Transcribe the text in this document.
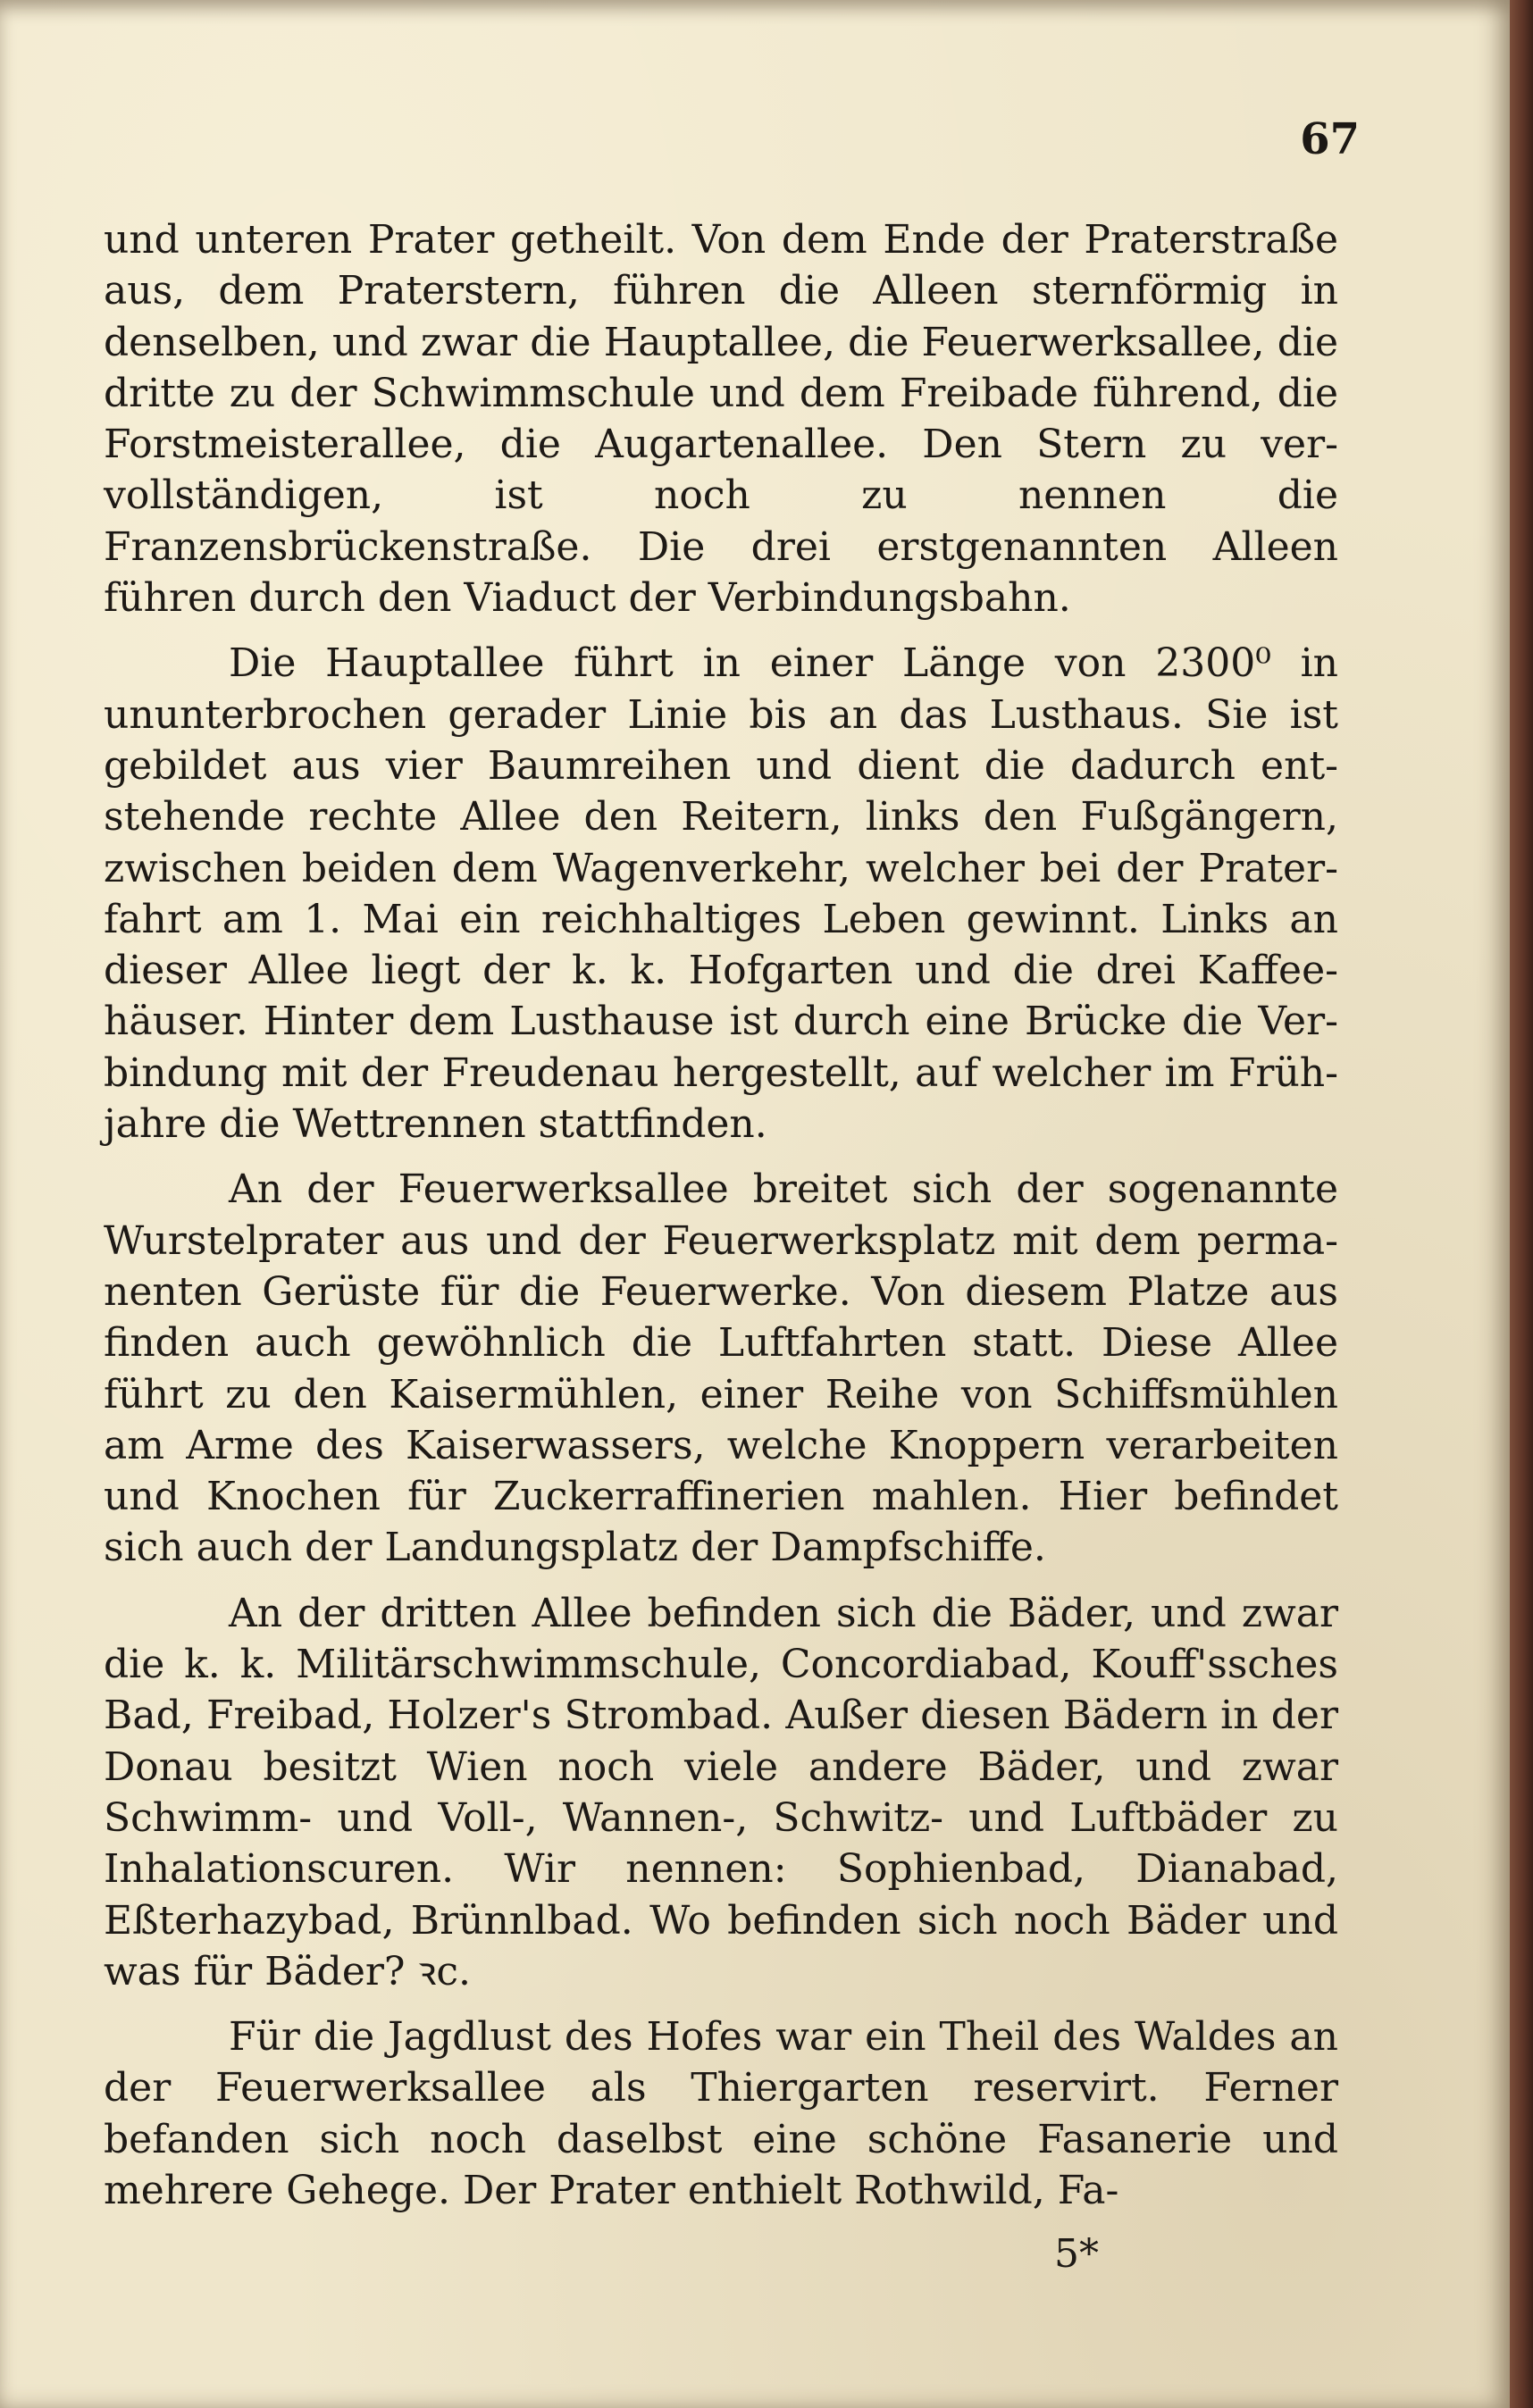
67

und unteren Prater getheilt. Von dem Ende der Praterstraße aus, dem Praterstern, führen die Alleen sternförmig in denselben, und zwar die Hauptallee, die Feuerwerksallee, die dritte zu der Schwimmschule und dem Freibade führend, die Forstmeisterallee, die Augartenallee. Den Stern zu vervollständigen, ist noch zu nennen die Franzensbrückenstraße. Die drei erstgenannten Alleen führen durch den Viaduct der Verbindungsbahn.

Die Hauptallee führt in einer Länge von 2300⁰ in ununterbrochen gerader Linie bis an das Lusthaus. Sie ist gebildet aus vier Baumreihen und dient die dadurch entstehende rechte Allee den Reitern, links den Fußgängern, zwischen beiden dem Wagenverkehr, welcher bei der Praterfahrt am 1. Mai ein reichhaltiges Leben gewinnt. Links an dieser Allee liegt der k. k. Hofgarten und die drei Kaffeehäuser. Hinter dem Lusthause ist durch eine Brücke die Verbindung mit der Freudenau hergestellt, auf welcher im Frühjahre die Wettrennen stattfinden.

An der Feuerwerksallee breitet sich der sogenannte Wurstelprater aus und der Feuerwerksplatz mit dem permanenten Gerüste für die Feuerwerke. Von diesem Platze aus finden auch gewöhnlich die Luftfahrten statt. Diese Allee führt zu den Kaisermühlen, einer Reihe von Schiffsmühlen am Arme des Kaiserwassers, welche Knoppern verarbeiten und Knochen für Zuckerraffinerien mahlen. Hier befindet sich auch der Landungsplatz der Dampfschiffe.

An der dritten Allee befinden sich die Bäder, und zwar die k. k. Militärschwimmschule, Concordiabad, Kouff'ssches Bad, Freibad, Holzer's Strombad. Außer diesen Bädern in der Donau besitzt Wien noch viele andere Bäder, und zwar Schwimm- und Voll-, Wannen-, Schwitz- und Luftbäder zu Inhalationscuren. Wir nennen: Sophienbad, Dianabad, Eßterhazybad, Brünnlbad. Wo befinden sich noch Bäder und was für Bäder? ꝛc.

Für die Jagdlust des Hofes war ein Theil des Waldes an der Feuerwerksallee als Thiergarten reservirt. Ferner befanden sich noch daselbst eine schöne Fasanerie und mehrere Gehege. Der Prater enthielt Rothwild, Fa-

5*
